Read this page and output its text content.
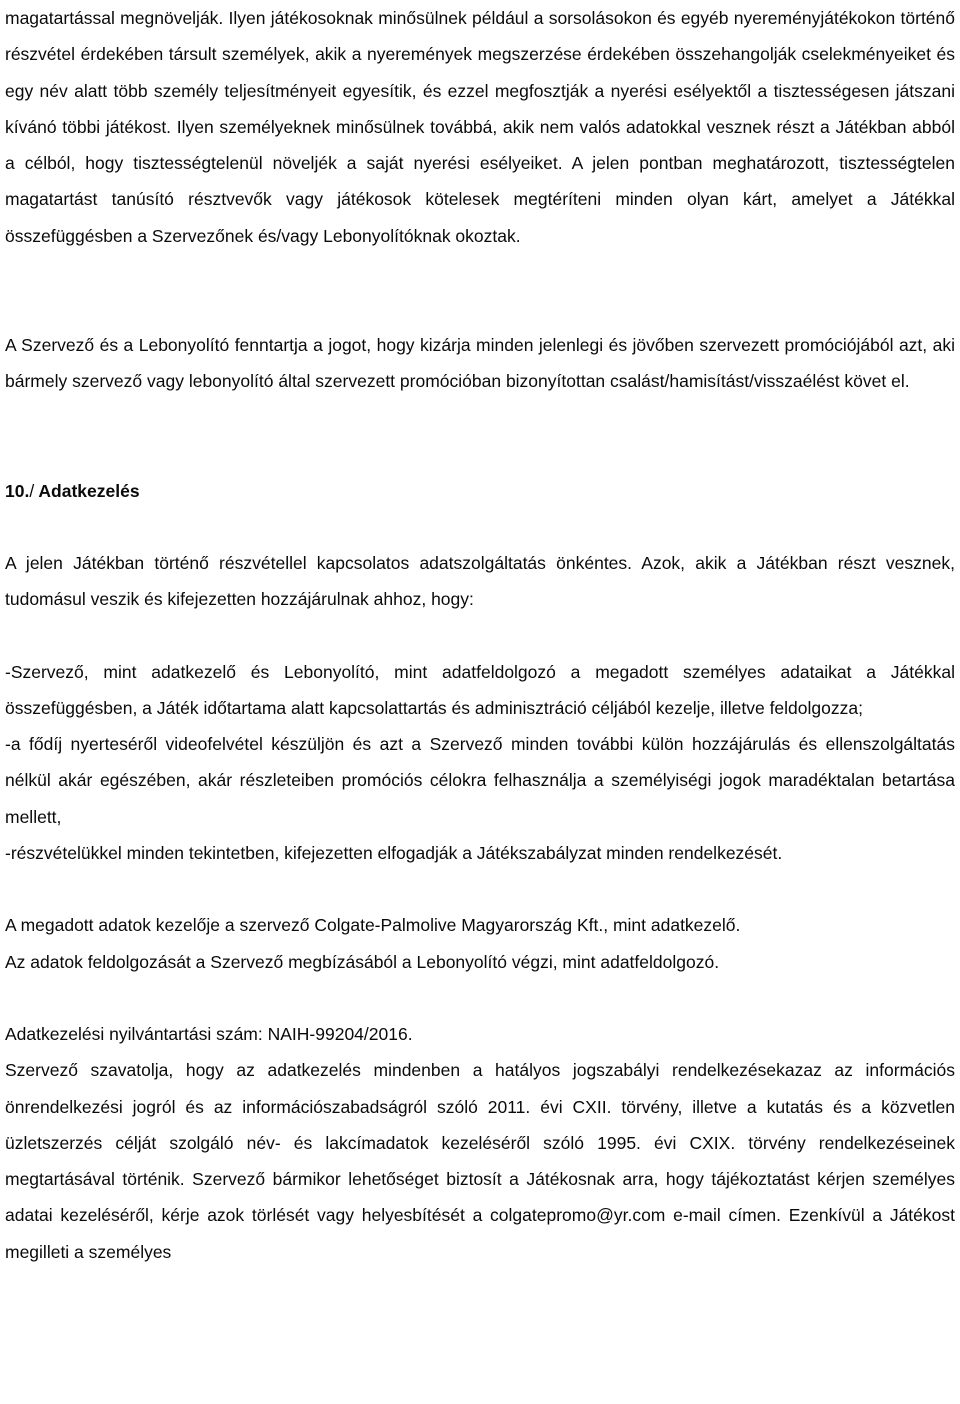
magatartással megnövelják. Ilyen játékosoknak minősülnek például a sorsolásokon és egyéb nyereményjátékokon történő részvétel érdekében társult személyek, akik a nyeremények megszerzése érdekében összehangolják cselekményeiket és egy név alatt több személy teljesítményeit egyesítik, és ezzel megfosztják a nyerési esélyektől a tisztességesen játszani kívánó többi játékost. Ilyen személyeknek minősülnek továbbá, akik nem valós adatokkal vesznek részt a Játékban abból a célból, hogy tisztességtelenül növeljék a saját nyerési esélyeiket. A jelen pontban meghatározott, tisztességtelen magatartást tanúsító résztvevők vagy játékosok kötelesek megtéríteni minden olyan kárt, amelyet a Játékkal összefüggésben a Szervezőnek és/vagy Lebonyolítóknak okoztak.

A Szervező és a Lebonyolító fenntartja a jogot, hogy kizárja minden jelenlegi és jövőben szervezett promóciójából azt, aki bármely szervező vagy lebonyolító által szervezett promócióban bizonyítottan csalást/hamisítást/visszaélést követ el.

10./ Adatkezelés

A jelen Játékban történő részvétellel kapcsolatos adatszolgáltatás önkéntes. Azok, akik a Játékban részt vesznek, tudomásul veszik és kifejezetten hozzájárulnak ahhoz, hogy:

-Szervező, mint adatkezelő és Lebonyolító, mint adatfeldolgozó a megadott személyes adataikat a Játékkal összefüggésben, a Játék időtartama alatt kapcsolattartás és adminisztráció céljából kezelje, illetve feldolgozza;

-a fődíj nyerteséről videofelvétel készüljön és azt a Szervező minden további külön hozzájárulás és ellenszolgáltatás nélkül akár egészében, akár részleteiben promóciós célokra felhasználja a személyiségi jogok maradéktalan betartása mellett,

-részvételükkel minden tekintetben, kifejezetten elfogadják a Játékszabályzat minden rendelkezését.

A megadott adatok kezelője a szervező Colgate-Palmolive Magyarország Kft., mint adatkezelő.

Az adatok feldolgozását a Szervező megbízásából a Lebonyolító végzi, mint adatfeldolgozó.

Adatkezelési nyilvántartási szám: NAIH-99204/2016.

Szervező szavatolja, hogy az adatkezelés mindenben a hatályos jogszabályi rendelkezésekazaz az információs önrendelkezési jogról és az információszabadságról szóló 2011. évi CXII. törvény, illetve a kutatás és a közvetlen üzletszerzés célját szolgáló név- és lakcímadatok kezeléséről szóló 1995. évi CXIX. törvény rendelkezéseinek megtartásával történik. Szervező bármikor lehetőséget biztosít a Játékosnak arra, hogy tájékoztatást kérjen személyes adatai kezeléséről, kérje azok törlését vagy helyesbítését a colgatepromo@yr.com e-mail címen. Ezenkívül a Játékost megilleti a személyes
